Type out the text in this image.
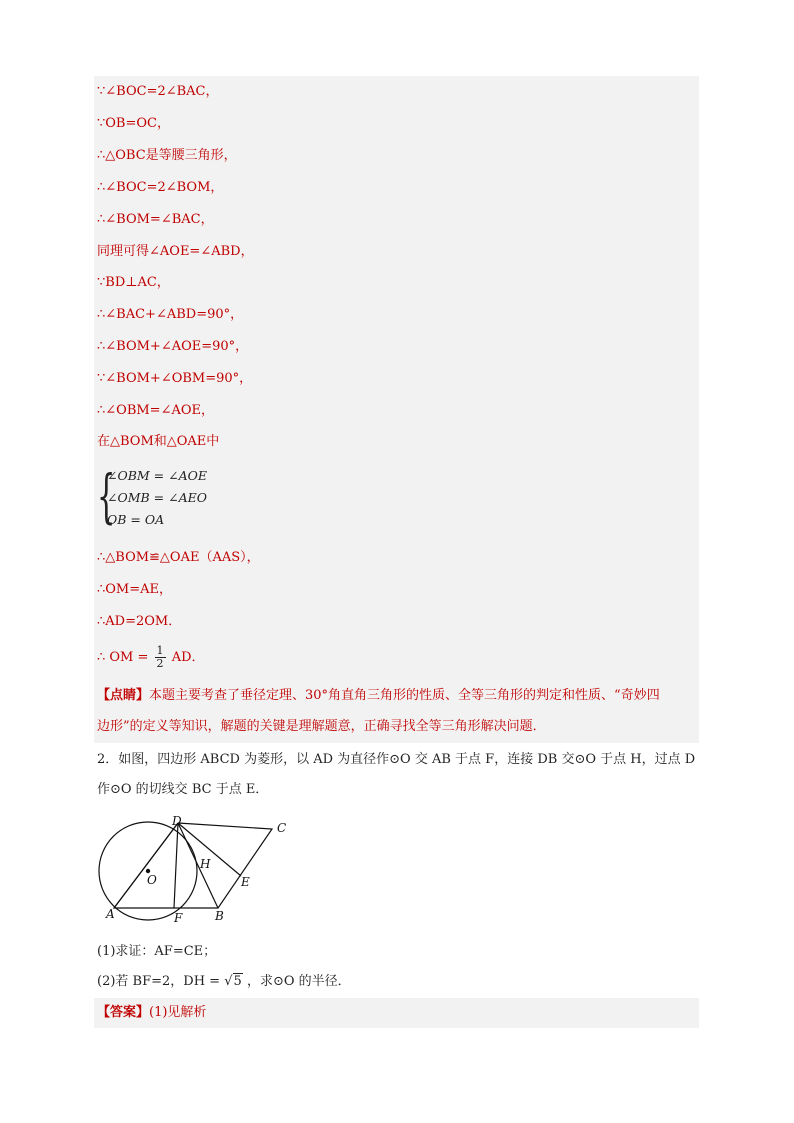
∵∠BOC=2∠BAC，
∵OB=OC，
∴△OBC是等腰三角形，
∴∠BOC=2∠BOM，
∴∠BOM=∠BAC，
同理可得∠AOE=∠ABD，
∵BD⊥AC，
∴∠BAC+∠ABD=90°，
∴∠BOM+∠AOE=90°，
∵∠BOM+∠OBM=90°，
∴∠OBM=∠AOE，
在△BOM和△OAE中
{
∠OBM = ∠AOE
∠OMB = ∠AEO
OB = OA
∴△BOM≌△OAE（AAS），
∴OM=AE，
∴AD=2OM．
∴ OM = $\frac{1}{2}$ AD．
【点睛】本题主要考查了垂径定理、30°角直角三角形的性质、全等三角形的判定和性质、“奇妙四
边形”的定义等知识，解题的关键是理解题意，正确寻找全等三角形解决问题．
2．如图，四边形 ABCD 为菱形，以 AD 为直径作⊙O 交 AB 于点 F，连接 DB 交⊙O 于点 H，过点 D
作⊙O 的切线交 BC 于点 E．
D	C
H
O	E
A	F	B
(1)求证：AF=CE；
(2)若 BF=2，DH = √5 ，求⊙O 的半径．
【答案】(1)见解析
